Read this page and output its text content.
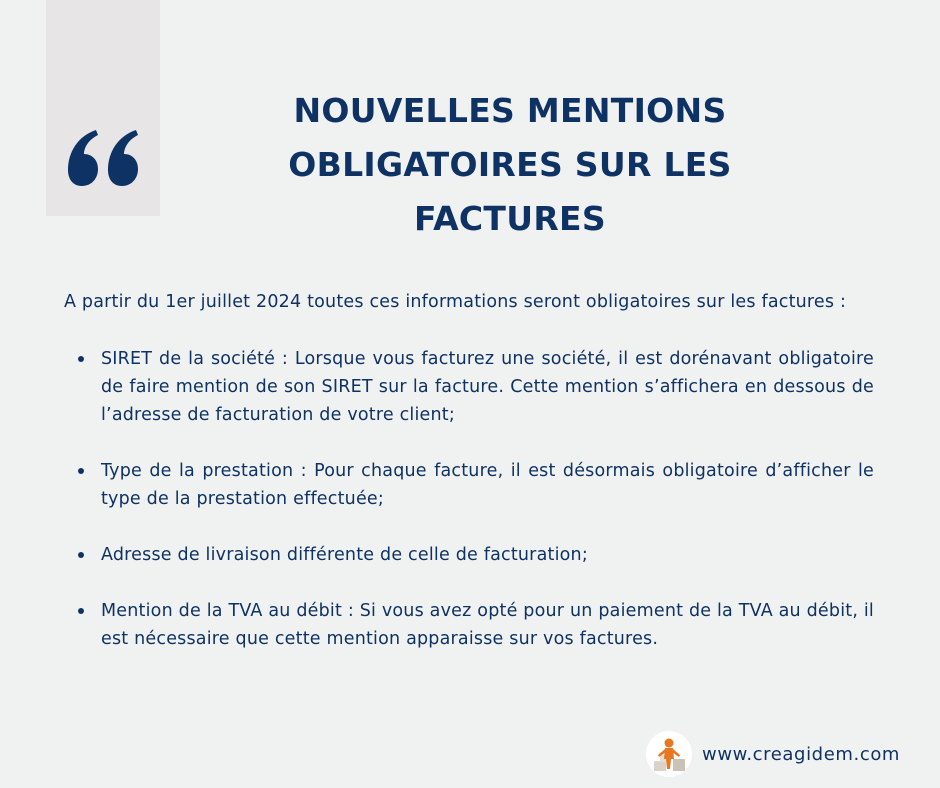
NOUVELLES MENTIONS OBLIGATOIRES SUR LES FACTURES

A partir du 1er juillet 2024 toutes ces informations seront obligatoires sur les factures :

SIRET de la société : Lorsque vous facturez une société, il est dorénavant obligatoire de faire mention de son SIRET sur la facture. Cette mention s’affichera en dessous de l’adresse de facturation de votre client;
Type de la prestation : Pour chaque facture, il est désormais obligatoire d’afficher le type de la prestation effectuée;
Adresse de livraison différente de celle de facturation;
Mention de la TVA au débit : Si vous avez opté pour un paiement de la TVA au débit, il est nécessaire que cette mention apparaisse sur vos factures.
www.creagidem.com
